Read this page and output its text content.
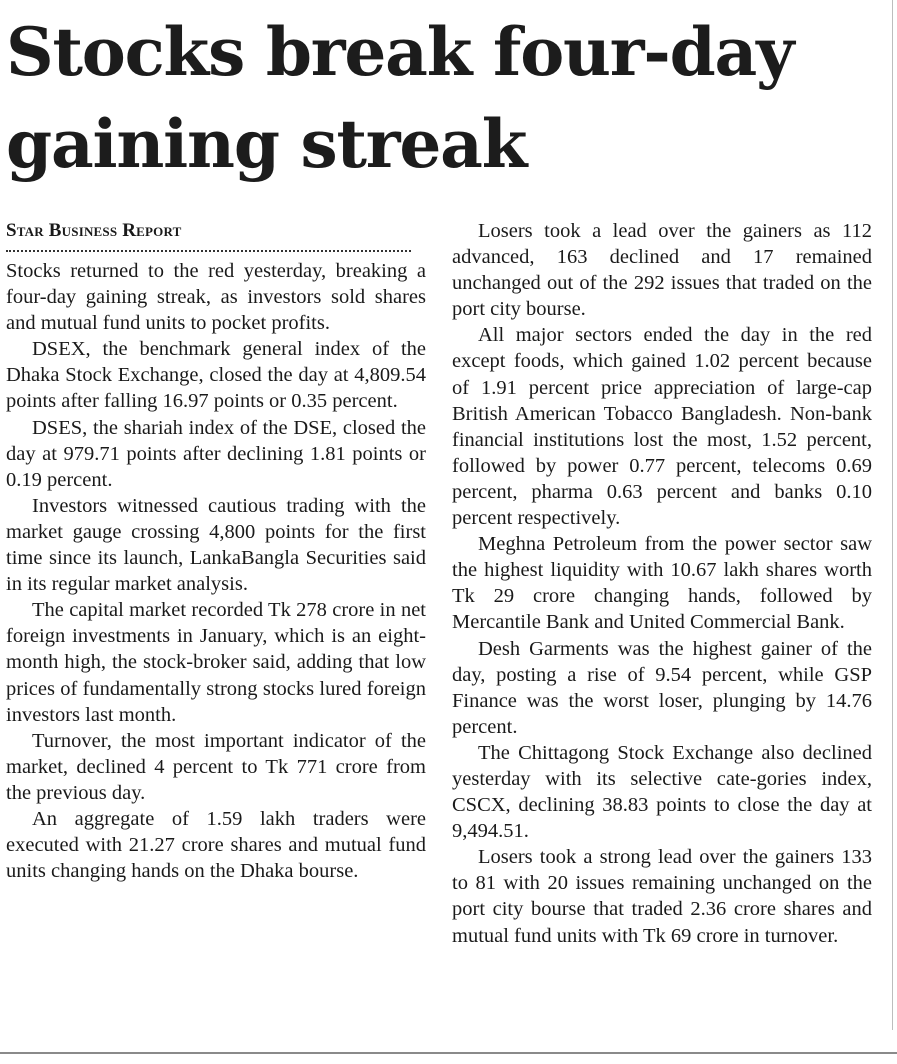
Stocks break four-day
gaining streak
Star Business Report

Stocks returned to the red yesterday, breaking a four-day gaining streak, as investors sold shares and mutual fund units to pocket profits.

DSEX, the benchmark general index of the Dhaka Stock Exchange, closed the day at 4,809.54 points after falling 16.97 points or 0.35 percent.

DSES, the shariah index of the DSE, closed the day at 979.71 points after declining 1.81 points or 0.19 percent.

Investors witnessed cautious trading with the market gauge crossing 4,800 points for the first time since its launch, LankaBangla Securities said in its regular market analysis.

The capital market recorded Tk 278 crore in net foreign investments in January, which is an eight-month high, the stock-broker said, adding that low prices of fundamentally strong stocks lured foreign investors last month.

Turnover, the most important indicator of the market, declined 4 percent to Tk 771 crore from the previous day.

An aggregate of 1.59 lakh traders were executed with 21.27 crore shares and mutual fund units changing hands on the Dhaka bourse.

Losers took a lead over the gainers as 112 advanced, 163 declined and 17 remained unchanged out of the 292 issues that traded on the port city bourse.

All major sectors ended the day in the red except foods, which gained 1.02 percent because of 1.91 percent price appreciation of large-cap British American Tobacco Bangladesh. Non-bank financial institutions lost the most, 1.52 percent, followed by power 0.77 percent, telecoms 0.69 percent, pharma 0.63 percent and banks 0.10 percent respectively.

Meghna Petroleum from the power sector saw the highest liquidity with 10.67 lakh shares worth Tk 29 crore changing hands, followed by Mercantile Bank and United Commercial Bank.

Desh Garments was the highest gainer of the day, posting a rise of 9.54 percent, while GSP Finance was the worst loser, plunging by 14.76 percent.

The Chittagong Stock Exchange also declined yesterday with its selective cate-gories index, CSCX, declining 38.83 points to close the day at 9,494.51.

Losers took a strong lead over the gainers 133 to 81 with 20 issues remaining unchanged on the port city bourse that traded 2.36 crore shares and mutual fund units with Tk 69 crore in turnover.
